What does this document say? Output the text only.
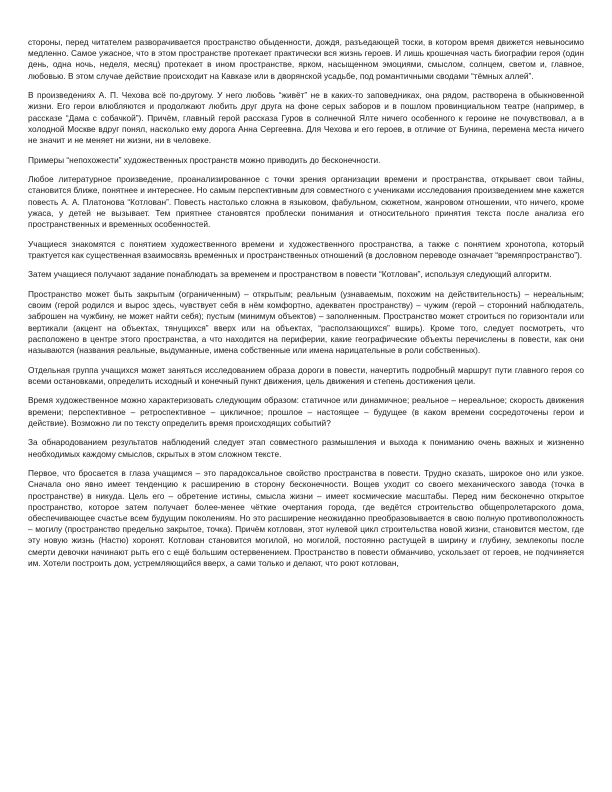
стороны, перед читателем разворачивается пространство обыденности, дождя, разъедающей тоски, в котором время движется невыносимо медленно. Самое ужасное, что в этом пространстве протекает практически вся жизнь героев. И лишь крошечная часть биографии героя (один день, одна ночь, неделя, месяц) протекает в ином пространстве, ярком, насыщенном эмоциями, смыслом, солнцем, светом и, главное, любовью. В этом случае действие происходит на Кавказе или в дворянской усадьбе, под романтичными сводами “тёмных аллей”.

В произведениях А. П. Чехова всё по-другому. У него любовь “живёт” не в каких-то заповедниках, она рядом, растворена в обыкновенной жизни. Его герои влюбляются и продолжают любить друг друга на фоне серых заборов и в пошлом провинциальном театре (например, в рассказе “Дама с собачкой”). Причём, главный герой рассказа Гуров в солнечной Ялте ничего особенного к героине не почувствовал, а в холодной Москве вдруг понял, насколько ему дорога Анна Сергеевна. Для Чехова и его героев, в отличие от Бунина, перемена места ничего не значит и не меняет ни жизни, ни в человеке.

Примеры “непохожести” художественных пространств можно приводить до бесконечности.

Любое литературное произведение, проанализированное с точки зрения организации времени и пространства, открывает свои тайны, становится ближе, понятнее и интереснее. Но самым перспективным для совместного с учениками исследования произведением мне кажется повесть А. А. Платонова “Котлован”. Повесть настолько сложна в языковом, фабульном, сюжетном, жанровом отношении, что ничего, кроме ужаса, у детей не вызывает. Тем приятнее становятся проблески понимания и относительного принятия текста после анализа его пространственных и временных особенностей.

Учащиеся знакомятся с понятием художественного времени и художественного пространства, а также с понятием хронотопа, который трактуется как существенная взаимосвязь временных и пространственных отношений (в дословном переводе означает “времяпространство”).

Затем учащиеся получают задание понаблюдать за временем и пространством в повести “Котлован”, используя следующий алгоритм.

Пространство может быть закрытым (ограниченным) – открытым; реальным (узнаваемым, похожим на действительность) – нереальным; своим (герой родился и вырос здесь, чувствует себя в нём комфортно, адекватен пространству) – чужим (герой – сторонний наблюдатель, заброшен на чужбину, не может найти себя); пустым (минимум объектов) – заполненным. Пространство может строиться по горизонтали или вертикали (акцент на объектах, тянущихся” вверх или на объектах, “расползающихся” вширь). Кроме того, следует посмотреть, что расположено в центре этого пространства, а что находится на периферии, какие географические объекты перечислены в повести, как они называются (названия реальные, выдуманные, имена собственные или имена нарицательные в роли собственных).

Отдельная группа учащихся может заняться исследованием образа дороги в повести, начертить подробный маршрут пути главного героя со всеми остановками, определить исходный и конечный пункт движения, цель движения и степень достижения цели.

Время художественное можно характеризовать следующим образом: статичное или динамичное; реальное – нереальное; скорость движения времени; перспективное – ретроспективное – цикличное; прошлое – настоящее – будущее (в каком времени сосредоточены герои и действие). Возможно ли по тексту определить время происходящих событий?

За обнародованием результатов наблюдений следует этап совместного размышления и выхода к пониманию очень важных и жизненно необходимых каждому смыслов, скрытых в этом сложном тексте.

Первое, что бросается в глаза учащимся – это парадоксальное свойство пространства в повести. Трудно сказать, широкое оно или узкое. Сначала оно явно имеет тенденцию к расширению в сторону бесконечности. Вощев уходит со своего механического завода (точка в пространстве) в никуда. Цель его – обретение истины, смысла жизни – имеет космические масштабы. Перед ним бесконечно открытое пространство, которое затем получает более-менее чёткие очертания города, где ведётся строительство общепролетарского дома, обеспечивающее счастье всем будущим поколениям. Но это расширение неожиданно преобразовывается в свою полную противоположность – могилу (пространство предельно закрытое, точка). Причём котлован, этот нулевой цикл строительства новой жизни, становится местом, где эту новую жизнь (Настю) хоронят. Котлован становится могилой, но могилой, постоянно растущей в ширину и глубину, землекопы после смерти девочки начинают рыть его с ещё большим остервенением. Пространство в повести обманчиво, ускользает от героев, не подчиняется им. Хотели построить дом, устремляющийся вверх, а сами только и делают, что роют котлован,
